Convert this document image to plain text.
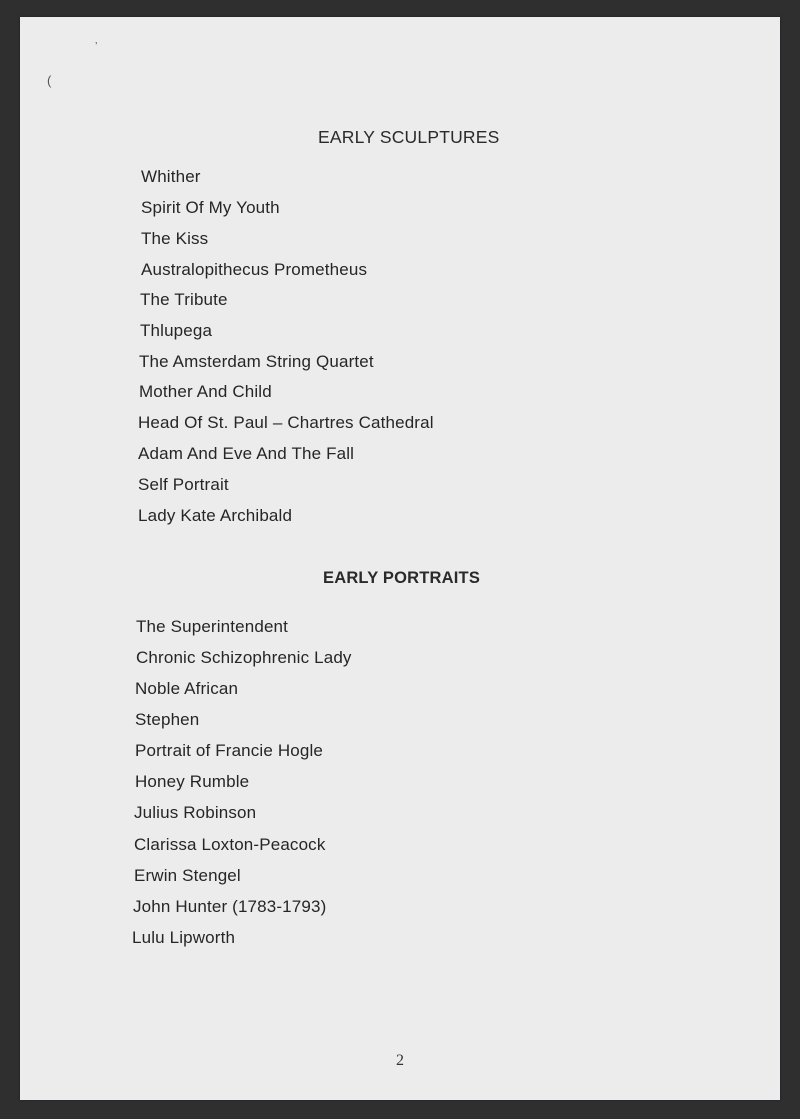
ʼ
(
EARLY SCULPTURES
Whither
Spirit Of My Youth
The Kiss
Australopithecus Prometheus
The Tribute
Thlupega
The Amsterdam String Quartet
Mother And Child
Head Of St. Paul – Chartres Cathedral
Adam And Eve And The Fall
Self Portrait
Lady Kate Archibald
EARLY PORTRAITS
The Superintendent
Chronic Schizophrenic Lady
Noble African
Stephen
Portrait of Francie Hogle
Honey Rumble
Julius Robinson
Clarissa Loxton-Peacock
Erwin Stengel
John Hunter (1783-1793)
Lulu Lipworth
2
